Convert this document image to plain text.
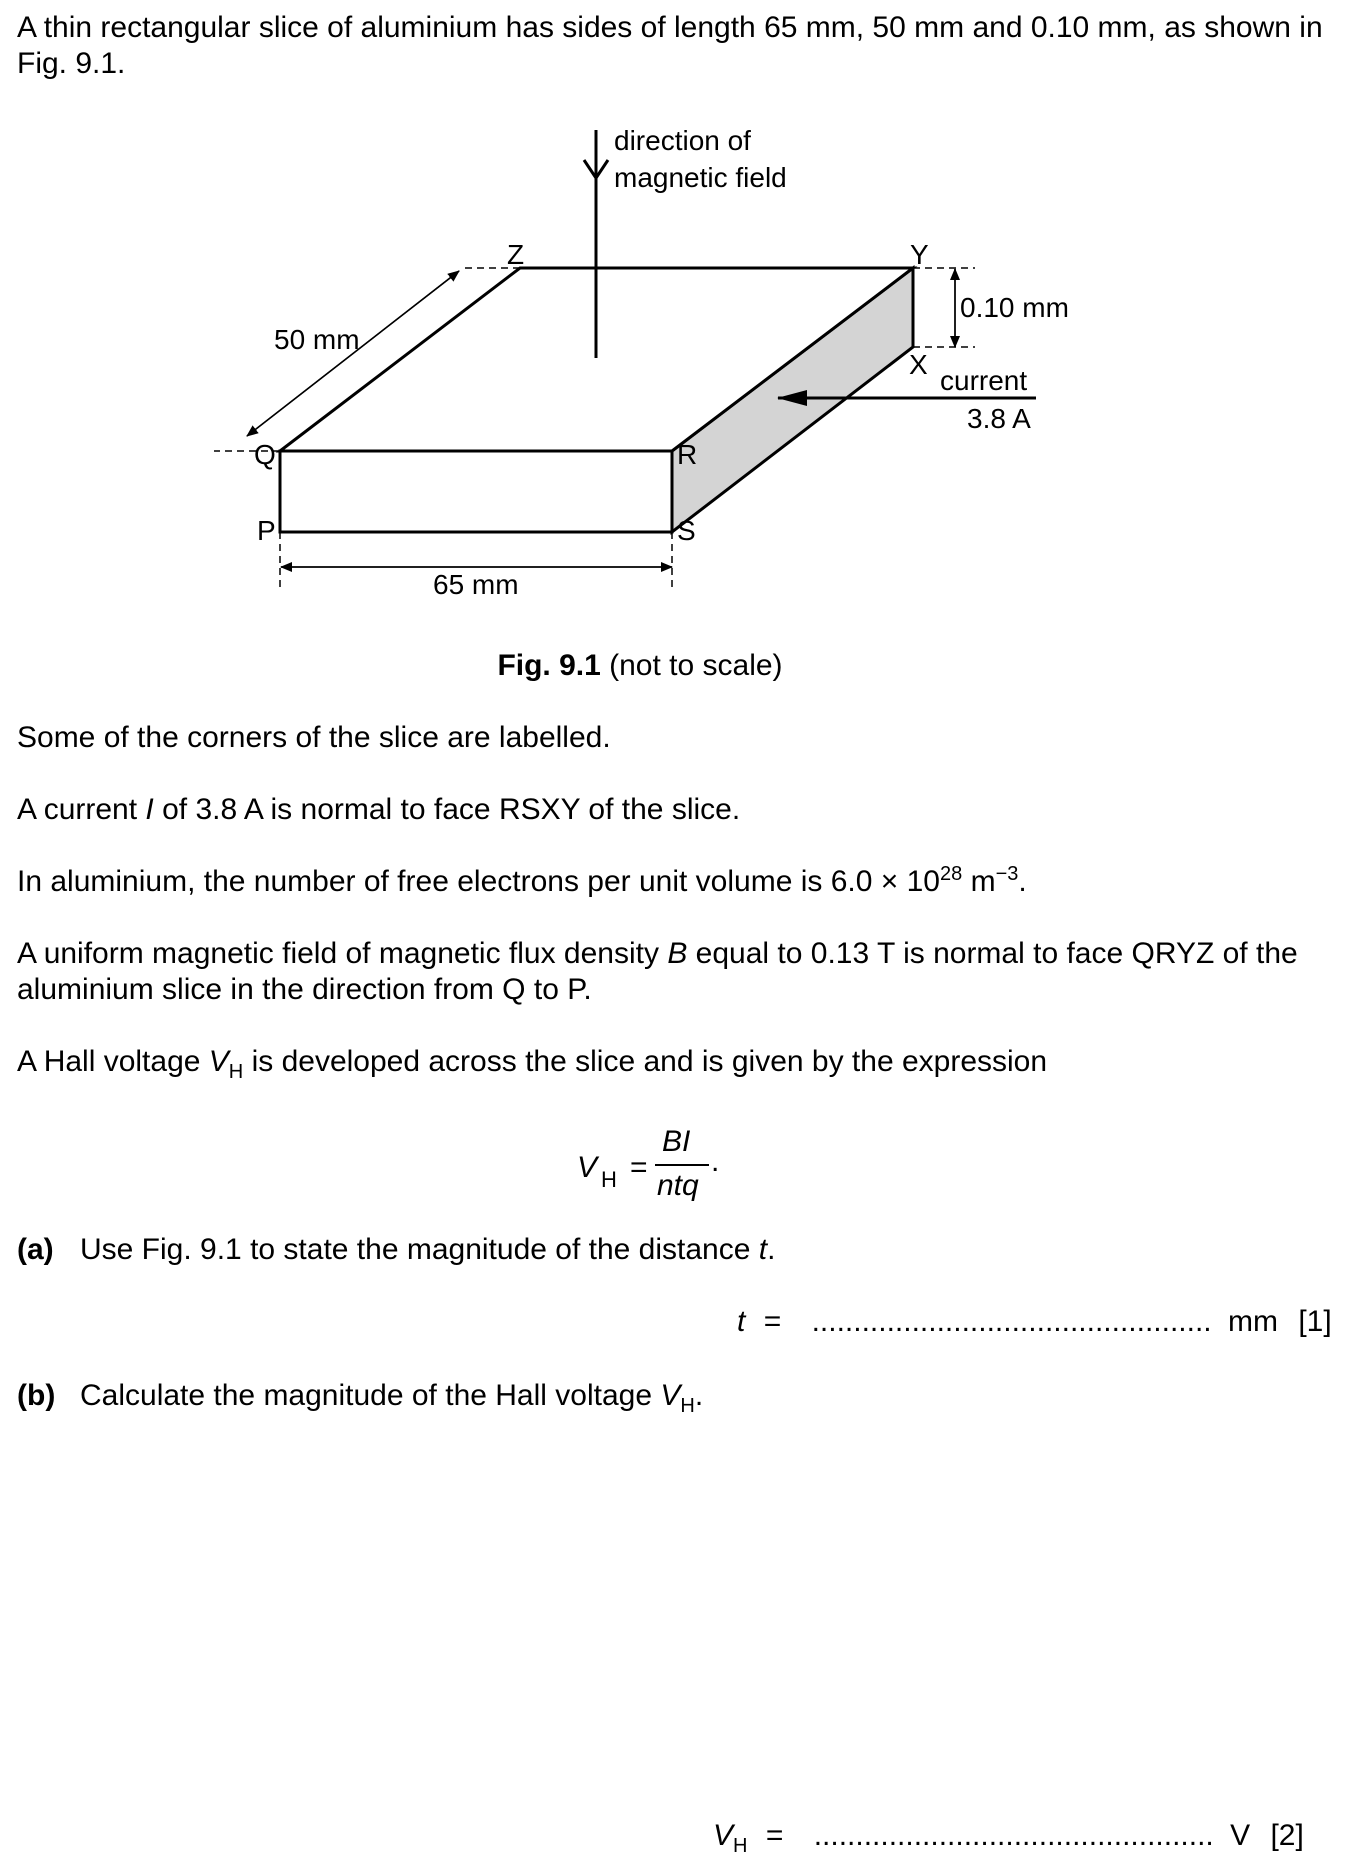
A thin rectangular slice of aluminium has sides of length 65 mm, 50 mm and 0.10 mm, as shown in

Fig. 9.1.

direction of
magnetic field
Z	Y
X
Q	R
P	S
50 mm
0.10 mm
current
3.8 A
65 mm
Fig. 9.1 (not to scale)

Some of the corners of the slice are labelled.

A current I of 3.8 A is normal to face RSXY of the slice.

In aluminium, the number of free electrons per unit volume is $6.0 \times 10^{28}$ $m^{-3}$.

A uniform magnetic field of magnetic flux density B equal to 0.13 T is normal to face QRYZ of the

aluminium slice in the direction from Q to P.

A Hall voltage $V_H$ is developed across the slice and is given by the expression

V H =
BI
ntq
.

(a) Use Fig. 9.1 to state the magnitude of the distance t.

t = ................................................ mm [1]

(b) Calculate the magnitude of the Hall voltage $V_H$.

$V_H$ = ................................................ V [2]
